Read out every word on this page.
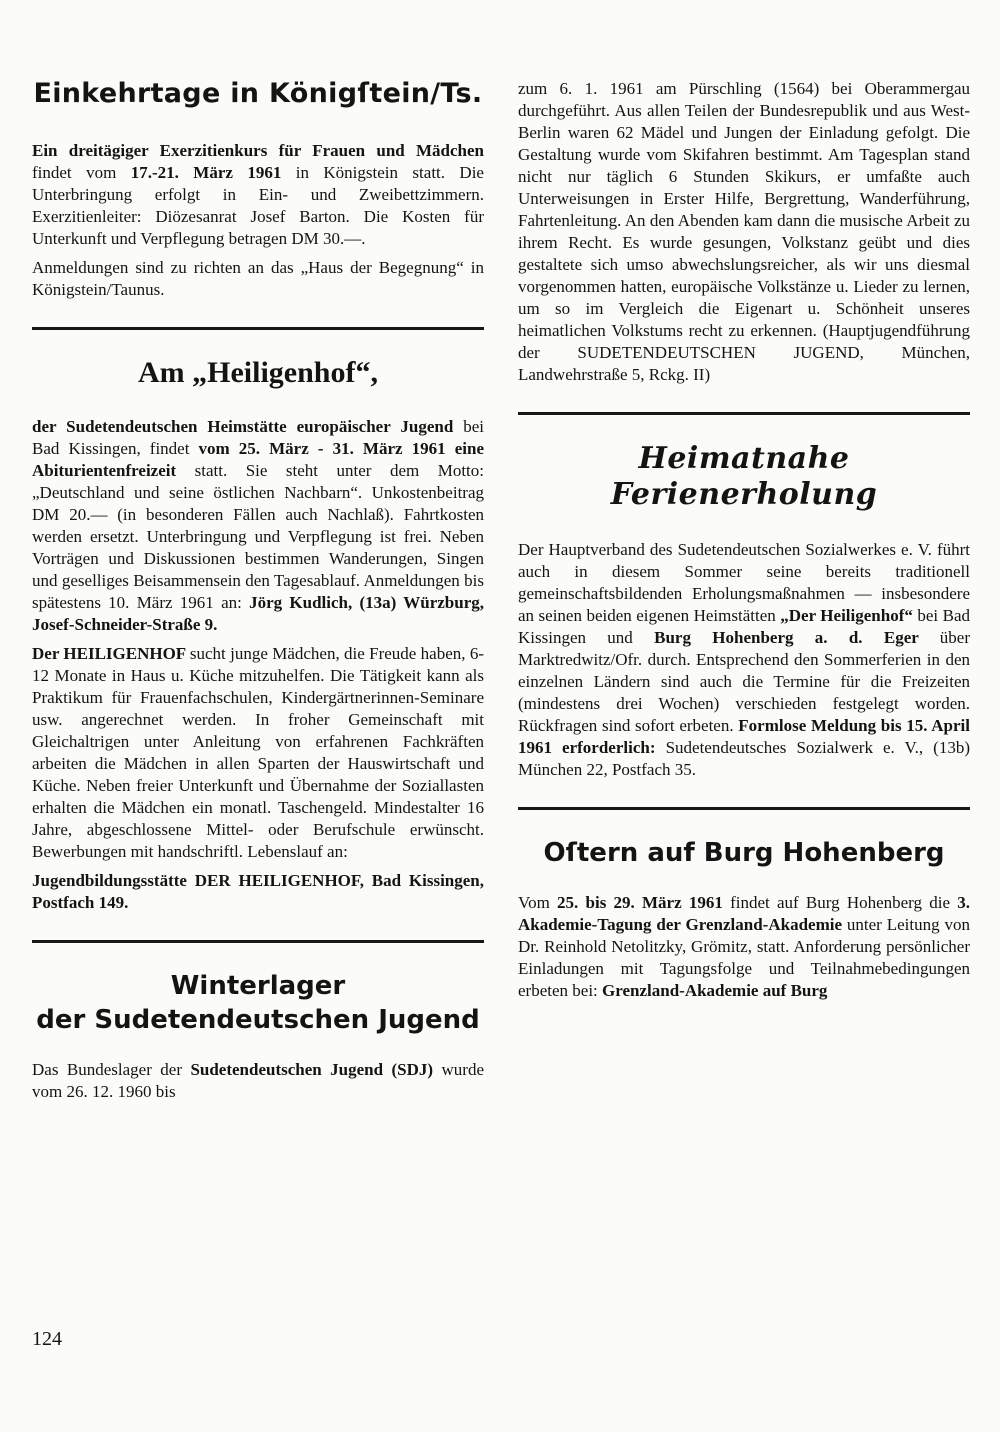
Einkehrtage in Königſtein/Ts.

Ein dreitägiger Exerzitienkurs für Frauen und Mädchen findet vom 17.-21. März 1961 in Königstein statt. Die Unterbringung erfolgt in Ein- und Zweibettzimmern. Exerzitienleiter: Diözesanrat Josef Barton. Die Kosten für Unterkunft und Verpflegung betragen DM 30.—.

Anmeldungen sind zu richten an das „Haus der Begegnung“ in Königstein/Taunus.

Am „Heiligenhof“,

der Sudetendeutschen Heimstätte europäischer Jugend bei Bad Kissingen, findet vom 25. März - 31. März 1961 eine Abiturientenfreizeit statt. Sie steht unter dem Motto: „Deutschland und seine östlichen Nachbarn“. Unkostenbeitrag DM 20.— (in besonderen Fällen auch Nachlaß). Fahrtkosten werden ersetzt. Unterbringung und Verpflegung ist frei. Neben Vorträgen und Diskussionen bestimmen Wanderungen, Singen und geselliges Beisammensein den Tagesablauf. Anmeldungen bis spätestens 10. März 1961 an: Jörg Kudlich, (13a) Würzburg, Josef-Schneider-Straße 9.

Der HEILIGENHOF sucht junge Mädchen, die Freude haben, 6-12 Monate in Haus u. Küche mitzuhelfen. Die Tätigkeit kann als Praktikum für Frauenfachschulen, Kindergärtnerinnen-Seminare usw. angerechnet werden. In froher Gemeinschaft mit Gleichaltrigen unter Anleitung von erfahrenen Fachkräften arbeiten die Mädchen in allen Sparten der Hauswirtschaft und Küche. Neben freier Unterkunft und Übernahme der Soziallasten erhalten die Mädchen ein monatl. Taschengeld. Mindestalter 16 Jahre, abgeschlossene Mittel- oder Berufschule erwünscht. Bewerbungen mit handschriftl. Lebenslauf an:

Jugendbildungsstätte DER HEILIGENHOF, Bad Kissingen, Postfach 149.

Winterlager
der Sudetendeutschen Jugend

Das Bundeslager der Sudetendeutschen Jugend (SDJ) wurde vom 26. 12. 1960 bis

zum 6. 1. 1961 am Pürschling (1564) bei Oberammergau durchgeführt. Aus allen Teilen der Bundesrepublik und aus West-Berlin waren 62 Mädel und Jungen der Einladung gefolgt. Die Gestaltung wurde vom Skifahren bestimmt. Am Tagesplan stand nicht nur täglich 6 Stunden Skikurs, er umfaßte auch Unterweisungen in Erster Hilfe, Bergrettung, Wanderführung, Fahrtenleitung. An den Abenden kam dann die musische Arbeit zu ihrem Recht. Es wurde gesungen, Volkstanz geübt und dies gestaltete sich umso abwechslungsreicher, als wir uns diesmal vorgenommen hatten, europäische Volkstänze u. Lieder zu lernen, um so im Vergleich die Eigenart u. Schönheit unseres heimatlichen Volkstums recht zu erkennen. (Hauptjugendführung der SUDETENDEUTSCHEN JUGEND, München, Landwehrstraße 5, Rckg. II)

Heimatnahe Ferienerholung

Der Hauptverband des Sudetendeutschen Sozialwerkes e. V. führt auch in diesem Sommer seine bereits traditionell gemeinschaftsbildenden Erholungsmaßnahmen — insbesondere an seinen beiden eigenen Heimstätten „Der Heiligenhof“ bei Bad Kissingen und Burg Hohenberg a. d. Eger über Marktredwitz/Ofr. durch. Entsprechend den Sommerferien in den einzelnen Ländern sind auch die Termine für die Freizeiten (mindestens drei Wochen) verschieden festgelegt worden. Rückfragen sind sofort erbeten. Formlose Meldung bis 15. April 1961 erforderlich: Sudetendeutsches Sozialwerk e. V., (13b) München 22, Postfach 35.

Oſtern auf Burg Hohenberg

Vom 25. bis 29. März 1961 findet auf Burg Hohenberg die 3. Akademie-Tagung der Grenzland-Akademie unter Leitung von Dr. Reinhold Netolitzky, Grömitz, statt. Anforderung persönlicher Einladungen mit Tagungsfolge und Teilnahmebedingungen erbeten bei: Grenzland-Akademie auf Burg

124
